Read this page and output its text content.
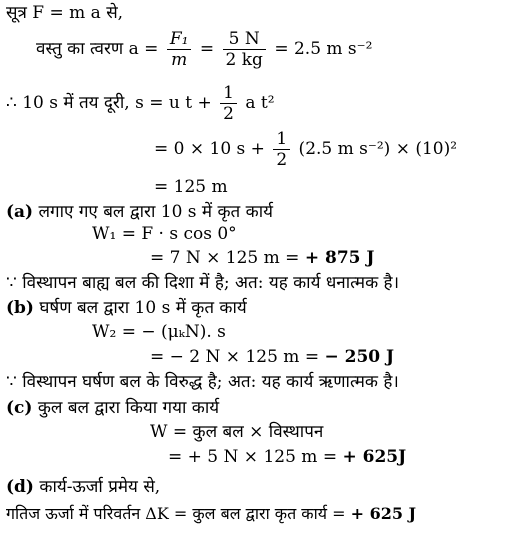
सूत्र F = m a से,
वस्तु का त्वरण $a = \frac{\text{F₁}}{m} = \frac{5 N}{2 kg} = 2.5$ m s⁻²
∴ 10 s में तय दूरी, s = u $t + \frac{1}{2}$ a t²
= 0 × 10 $s + \frac{1}{2} (2.5$ m s⁻²) × (10)²
= 125 m
(a) लगाए गए बल द्वारा 10 s में कृत कार्य
W₁ = F · s cos 0°
= 7 N × 125 m = + 875 J
∵ विस्थापन बाह्य बल की दिशा में है; अत: यह कार्य धनात्मक है।
(b) घर्षण बल द्वारा 10 s में कृत कार्य
W₂ = − (μₖN). s
= − 2 N × 125 m = − 250 J
∵ विस्थापन घर्षण बल के विरुद्ध है; अत: यह कार्य ऋणात्मक है।
(c) कुल बल द्वारा किया गया कार्य
W = कुल बल × विस्थापन
= + 5 N × 125 m = + 625J
(d) कार्य-ऊर्जा प्रमेय से,
गतिज ऊर्जा में परिवर्तन ΔK = कुल बल द्वारा कृत कार्य = + 625 J
